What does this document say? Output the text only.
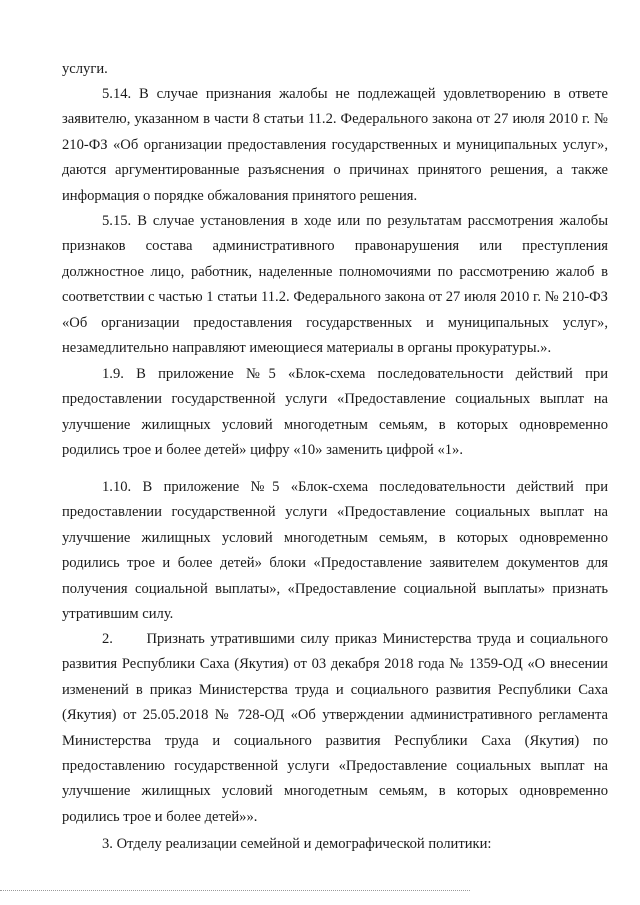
услуги.

5.14. В случае признания жалобы не подлежащей удовлетворению в ответе заявителю, указанном в части 8 статьи 11.2. Федерального закона от 27 июля 2010 г. № 210-ФЗ «Об организации предоставления государственных и муниципальных услуг», даются аргументированные разъяснения о причинах принятого решения, а также информация о порядке обжалования принятого решения.

5.15. В случае установления в ходе или по результатам рассмотрения жалобы признаков состава административного правонарушения или преступления должностное лицо, работник, наделенные полномочиями по рассмотрению жалоб в соответствии с частью 1 статьи 11.2. Федерального закона от 27 июля 2010 г. № 210-ФЗ «Об организации предоставления государственных и муниципальных услуг», незамедлительно направляют имеющиеся материалы в органы прокуратуры.».

1.9. В приложение №5 «Блок-схема последовательности действий при предоставлении государственной услуги «Предоставление социальных выплат на улучшение жилищных условий многодетным семьям, в которых одновременно родились трое и более детей» цифру «10» заменить цифрой «1».

1.10. В приложение №5 «Блок-схема последовательности действий при предоставлении государственной услуги «Предоставление социальных выплат на улучшение жилищных условий многодетным семьям, в которых одновременно родились трое и более детей» блоки «Предоставление заявителем документов для получения социальной выплаты», «Предоставление социальной выплаты» признать утратившим силу.

2.      Признать утратившими силу приказ Министерства труда и социального развития Республики Саха (Якутия) от 03 декабря 2018 года № 1359-ОД «О внесении изменений в приказ Министерства труда и социального развития Республики Саха (Якутия) от 25.05.2018 № 728-ОД «Об утверждении административного регламента Министерства труда и социального развития Республики Саха (Якутия) по предоставлению государственной услуги «Предоставление социальных выплат на улучшение жилищных условий многодетным семьям, в которых одновременно родились трое и более детей»».

3. Отделу реализации семейной и демографической политики:
